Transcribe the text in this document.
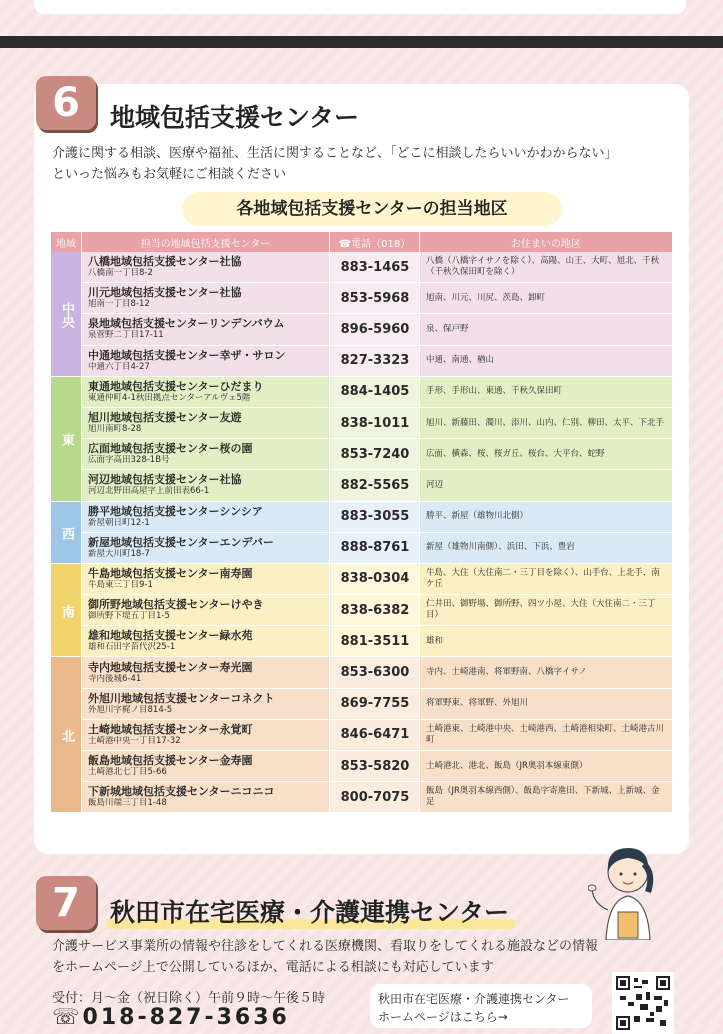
6	地域包括支援センター
介護に関する相談、医療や福祉、生活に関することなど、「どこに相談したらいいかわからない」
といった悩みもお気軽にご相談ください
各地域包括支援センターの担当地区
地域	担当の地域包括支援センター	☎電話（018）	お住まいの地区
中央	八橋地域包括支援センター社協
八橋南一丁目8-2	883-1465	八橋（八橋字イサノを除く）、高陽、山王、大町、旭北、千秋（千秋久保田町を除く）

	川元地域包括支援センター社協
旭南一丁目8-12	853-5968	旭南、川元、川尻、茨島、卸町

	泉地域包括支援センターリンデンバウム
泉菅野二丁目17-11	896-5960	泉、保戸野

	中通地域包括支援センター幸ザ・サロン
中通六丁目4-27	827-3323	中通、南通、楢山
東	東通地域包括支援センターひだまり
東通仲町4-1秋田拠点センターアルヴェ5階	884-1405	手形、手形山、東通、千秋久保田町

	旭川地域包括支援センター友遊
旭川南町8-28	838-1011	旭川、新藤田、濁川、添川、山内、仁別、柳田、太平、下北手

	広面地域包括支援センター桜の園
広面字高田328-1B号	853-7240	広面、横森、桜、桜ガ丘、桜台、大平台、蛇野

	河辺地域包括支援センター社協
河辺北野田高屋字上前田表66-1	882-5565	河辺
西	勝平地域包括支援センターシンシア
新屋朝日町12-1	883-3055	勝平、新屋（雄物川北側）

	新屋地域包括支援センターエンデバー
新屋大川町18-7	888-8761	新屋（雄物川南側）、浜田、下浜、豊岩
南	牛島地域包括支援センター南寿園
牛島東三丁目9-1	838-0304	牛島、大住（大住南二・三丁目を除く）、山手台、上北手、南ケ丘

	御所野地域包括支援センターけやき
御所野下堤五丁目1-5	838-6382	仁井田、御野場、御所野、四ツ小屋、大住（大住南二・三丁目）

	雄和地域包括支援センター緑水苑
雄和石田字苗代沢25-1	881-3511	雄和
北	寺内地域包括支援センター寿光園
寺内後城6-41	853-6300	寺内、土崎港南、将軍野南、八橋字イサノ

	外旭川地域包括支援センターコネクト
外旭川字梶ノ目814-5	869-7755	将軍野東、将軍野、外旭川

	土崎地域包括支援センター永覚町
土崎港中央一丁目17-32	846-6471	土崎港東、土崎港中央、土崎港西、土崎港相染町、土崎港古川町

	飯島地域包括支援センター金寿園
土崎港北七丁目5-66	853-5820	土崎港北、港北、飯島（JR奥羽本線東側）

	下新城地域包括支援センターニコニコ
飯島川端三丁目1-48	800-7075	飯島（JR奥羽本線西側）、飯島字寄進田、下新城、上新城、金足
7	秋田市在宅医療・介護連携センター
介護サービス事業所の情報や往診をしてくれる医療機関、看取りをしてくれる施設などの情報
をホームページ上で公開しているほか、電話による相談にも対応しています
受付：月～金（祝日除く）午前９時～午後５時
☏018-827-3636
秋田市在宅医療・介護連携センター
ホームページはこちら→
